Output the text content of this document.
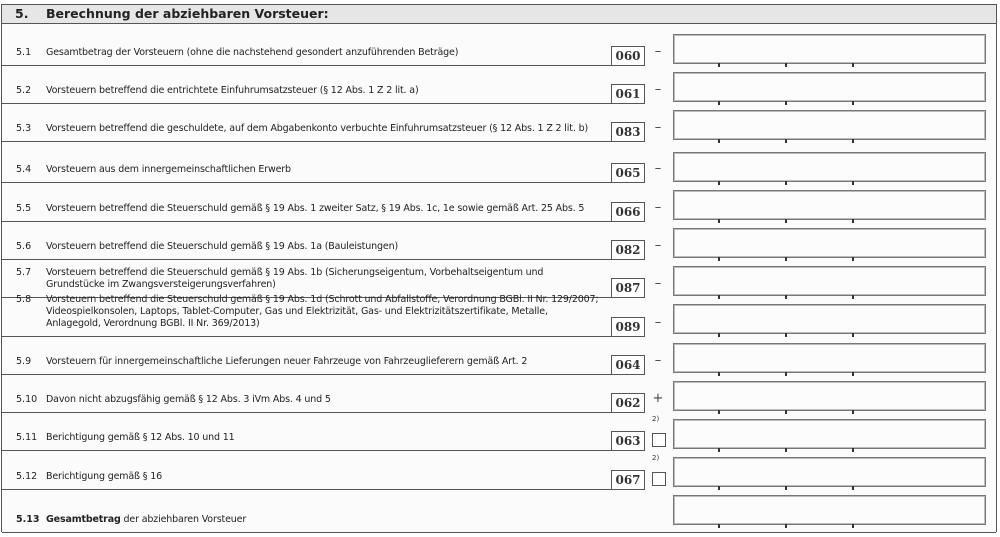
5. Berechnung der abziehbaren Vorsteuer:
5.1 Gesamtbetrag der Vorsteuern (ohne die nachstehend gesondert anzuführenden Beträge)	060	–
5.2 Vorsteuern betreffend die entrichtete Einfuhrumsatzsteuer (§ 12 Abs. 1 Z 2 lit. a)	061	–
5.3 Vorsteuern betreffend die geschuldete, auf dem Abgabenkonto verbuchte Einfuhrumsatzsteuer (§ 12 Abs. 1 Z 2 lit. b)	083	–
5.4 Vorsteuern aus dem innergemeinschaftlichen Erwerb	065	–
5.5 Vorsteuern betreffend die Steuerschuld gemäß § 19 Abs. 1 zweiter Satz, § 19 Abs. 1c, 1e sowie gemäß Art. 25 Abs. 5	066	–
5.6 Vorsteuern betreffend die Steuerschuld gemäß § 19 Abs. 1a (Bauleistungen)	082	–
5.7 Vorsteuern betreffend die Steuerschuld gemäß § 19 Abs. 1b (Sicherungseigentum, Vorbehaltseigentum und Grundstücke im Zwangsversteigerungsverfahren)	087	–
5.8 Vorsteuern betreffend die Steuerschuld gemäß § 19 Abs. 1d (Schrott und Abfallstoffe, Verordnung BGBl. II Nr. 129/2007; Videospielkonsolen, Laptops, Tablet-Computer, Gas und Elektrizität, Gas- und Elektrizitätszertifikate, Metalle, Anlagegold, Verordnung BGBl. II Nr. 369/2013)	089	–
5.9 Vorsteuern für innergemeinschaftliche Lieferungen neuer Fahrzeuge von Fahrzeuglieferern gemäß Art. 2	064	–
5.10 Davon nicht abzugsfähig gemäß § 12 Abs. 3 iVm Abs. 4 und 5	062 +
5.11 Berichtigung gemäß § 12 Abs. 10 und 11	063
2)
5.12 Berichtigung gemäß § 16	067
2)
5.13 Gesamtbetrag der abziehbaren Vorsteuer
